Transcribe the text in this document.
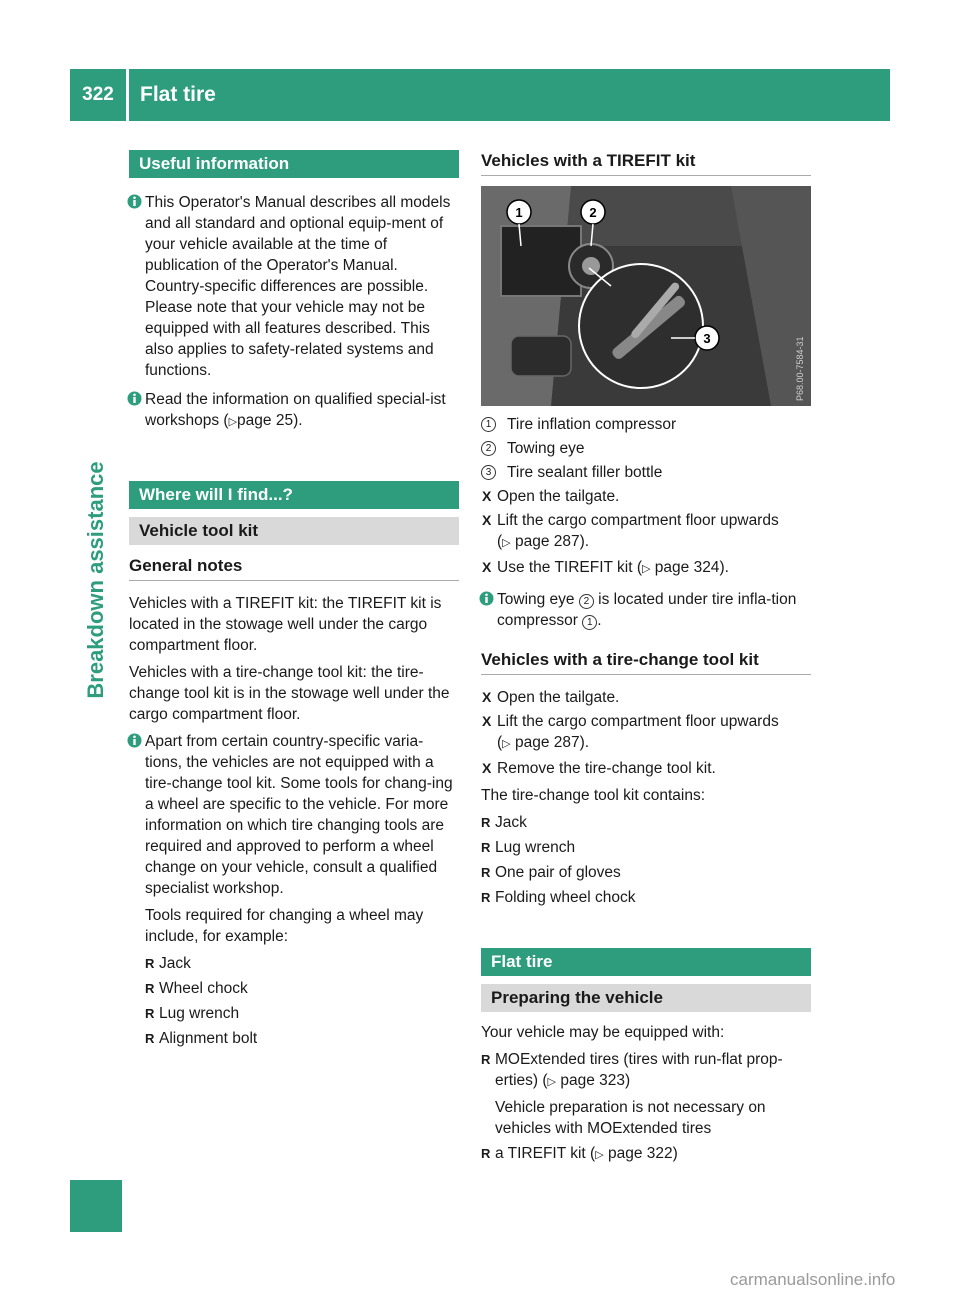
322	Flat tire
Breakdown assistance
Useful information

This Operator's Manual describes all models and all standard and optional equip-ment of your vehicle available at the time of publication of the Operator's Manual. Country-specific differences are possible. Please note that your vehicle may not be equipped with all features described. This also applies to safety-related systems and functions.

Read the information on qualified special-ist workshops (▷page 25).

Where will I find...?
Vehicle tool kit
General notes

Vehicles with a TIREFIT kit: the TIREFIT kit is located in the stowage well under the cargo compartment floor.

Vehicles with a tire-change tool kit: the tire-change tool kit is in the stowage well under the cargo compartment floor.

Apart from certain country-specific varia-tions, the vehicles are not equipped with a tire-change tool kit. Some tools for chang-ing a wheel are specific to the vehicle. For more information on which tire changing tools are required and approved to perform a wheel change on your vehicle, consult a qualified specialist workshop.

Tools required for changing a wheel may include, for example:

R Jack
R Wheel chock
R Lug wrench
R Alignment bolt
Vehicles with a TIREFIT kit
1	2
3	P68.00-7584-31
1	Tire inflation compressor
2	Towing eye
3	Tire sealant filler bottle
X Open the tailgate.
X Lift the cargo compartment floor upwards
(▷ page 287).
X Use the TIREFIT kit (▷ page 324).

Towing eye 2 is located under tire infla-tion compressor 1 .

Vehicles with a tire-change tool kit
X Open the tailgate.
X Lift the cargo compartment floor upwards
(▷ page 287).
X Remove the tire-change tool kit.

The tire-change tool kit contains:

R Jack
R Lug wrench
R One pair of gloves
R Folding wheel chock
Flat tire
Preparing the vehicle

Your vehicle may be equipped with:

R MOExtended tires (tires with run-flat prop-erties) (▷ page 323)
Vehicle preparation is not necessary on vehicles with MOExtended tires
R a TIREFIT kit (▷ page 322)
carmanualsonline.info
